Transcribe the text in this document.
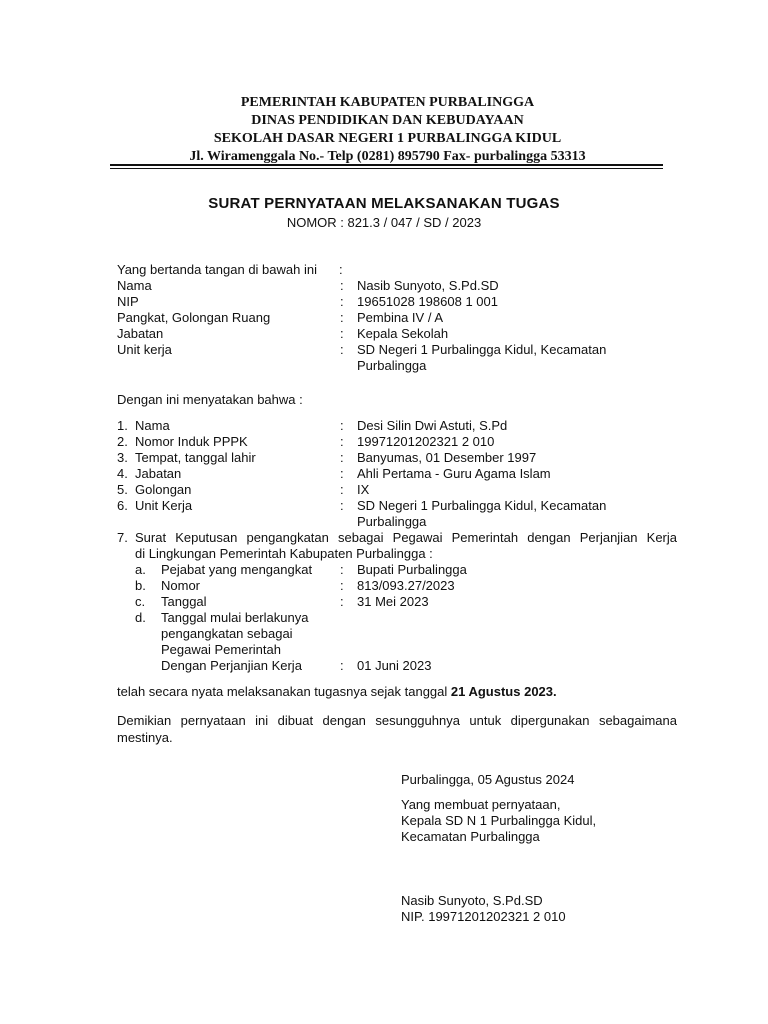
PEMERINTAH KABUPATEN PURBALINGGA
DINAS PENDIDIKAN DAN KEBUDAYAAN
SEKOLAH DASAR NEGERI 1 PURBALINGGA KIDUL
Jl. Wiramenggala No.- Telp (0281) 895790 Fax- purbalingga 53313
SURAT PERNYATAAN MELAKSANAKAN TUGAS
NOMOR : 821.3 / 047 / SD / 2023
Yang bertanda tangan di bawah ini :
Nama	: Nasib Sunyoto, S.Pd.SD
NIP	: 19651028 198608 1 001
Pangkat, Golongan Ruang	: Pembina IV / A
Jabatan	: Kepala Sekolah
Unit kerja	: SD Negeri 1 Purbalingga Kidul, Kecamatan
Purbalingga
Dengan ini menyatakan bahwa :
1. Nama	: Desi Silin Dwi Astuti, S.Pd
2. Nomor Induk PPPK	: 19971201202321 2 010
3. Tempat, tanggal lahir	: Banyumas, 01 Desember 1997
4. Jabatan	: Ahli Pertama - Guru Agama Islam
5. Golongan	: IX
6. Unit Kerja	: SD Negeri 1 Purbalingga Kidul, Kecamatan
Purbalingga
7. Surat Keputusan pengangkatan sebagai Pegawai Pemerintah dengan Perjanjian Kerja
di Lingkungan Pemerintah Kabupaten Purbalingga :
a. Pejabat yang mengangkat : Bupati Purbalingga
b. Nomor	: 813/093.27/2023
c. Tanggal	: 31 Mei 2023
d. Tanggal mulai berlakunya
pengangkatan sebagai
Pegawai Pemerintah
Dengan Perjanjian Kerja	: 01 Juni 2023
telah secara nyata melaksanakan tugasnya sejak tanggal 21 Agustus 2023.
Demikian pernyataan ini dibuat dengan sesungguhnya untuk dipergunakan sebagaimana mestinya.
Purbalingga, 05 Agustus 2024
Yang membuat pernyataan,
Kepala SD N 1 Purbalingga Kidul,
Kecamatan Purbalingga
Nasib Sunyoto, S.Pd.SD
NIP. 19971201202321 2 010
